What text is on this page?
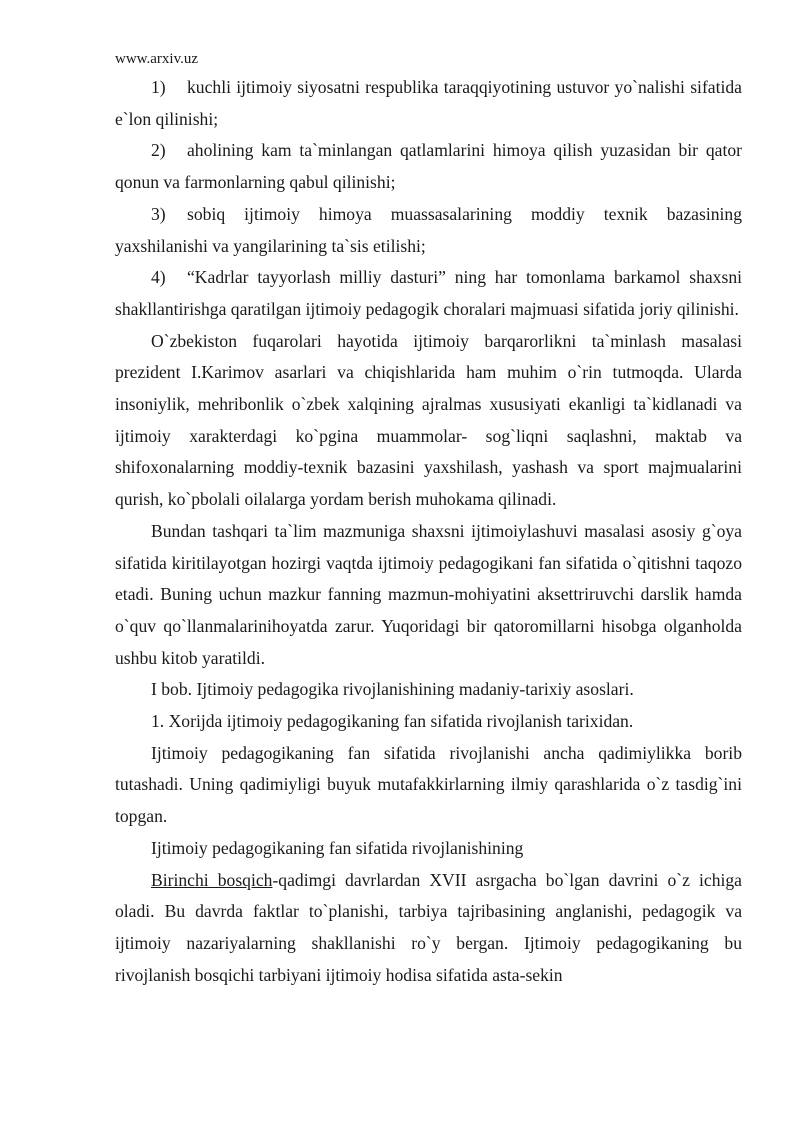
www.arxiv.uz

1) kuchli ijtimoiy siyosatni respublika taraqqiyotining ustuvor yo`nalishi sifatida e`lon qilinishi;

2) aholining kam ta`minlangan qatlamlarini himoya qilish yuzasidan bir qator qonun va farmonlarning qabul qilinishi;

3) sobiq ijtimoiy himoya muassasalarining moddiy texnik bazasining yaxshilanishi va yangilarining ta`sis etilishi;

4) “Kadrlar tayyorlash milliy dasturi” ning har tomonlama barkamol shaxsni shakllantirishga qaratilgan ijtimoiy pedagogik choralari majmuasi sifatida joriy qilinishi.

O`zbekiston fuqarolari hayotida ijtimoiy barqarorlikni ta`minlash masalasi prezident I.Karimov asarlari va chiqishlarida ham muhim o`rin tutmoqda. Ularda insoniylik, mehribonlik o`zbek xalqining ajralmas xususiyati ekanligi ta`kidlanadi va ijtimoiy xarakterdagi ko`pgina muammolar- sog`liqni saqlashni, maktab va shifoxonalarning moddiy-texnik bazasini yaxshilash, yashash va sport majmualarini qurish, ko`pbolali oilalarga yordam berish muhokama qilinadi.

Bundan tashqari ta`lim mazmuniga shaxsni ijtimoiylashuvi masalasi asosiy g`oya sifatida kiritilayotgan hozirgi vaqtda ijtimoiy pedagogikani fan sifatida o`qitishni taqozo etadi. Buning uchun mazkur fanning mazmun-mohiyatini aksettriruvchi darslik hamda o`quv qo`llanmalarinihoyatda zarur. Yuqoridagi bir qatoromillarni hisobga olganholda ushbu kitob yaratildi.

I bob. Ijtimoiy pedagogika rivojlanishining madaniy-tarixiy asoslari.

1. Xorijda ijtimoiy pedagogikaning fan sifatida rivojlanish tarixidan.

Ijtimoiy pedagogikaning fan sifatida rivojlanishi ancha qadimiylikka borib tutashadi. Uning qadimiyligi buyuk mutafakkirlarning ilmiy qarashlarida o`z tasdig`ini topgan.

Ijtimoiy pedagogikaning fan sifatida rivojlanishining

Birinchi bosqich-qadimgi davrlardan XVII asrgacha bo`lgan davrini o`z ichiga oladi. Bu davrda faktlar to`planishi, tarbiya tajribasining anglanishi, pedagogik va ijtimoiy nazariyalarning shakllanishi ro`y bergan. Ijtimoiy pedagogikaning bu rivojlanish bosqichi tarbiyani ijtimoiy hodisa sifatida asta-sekin
